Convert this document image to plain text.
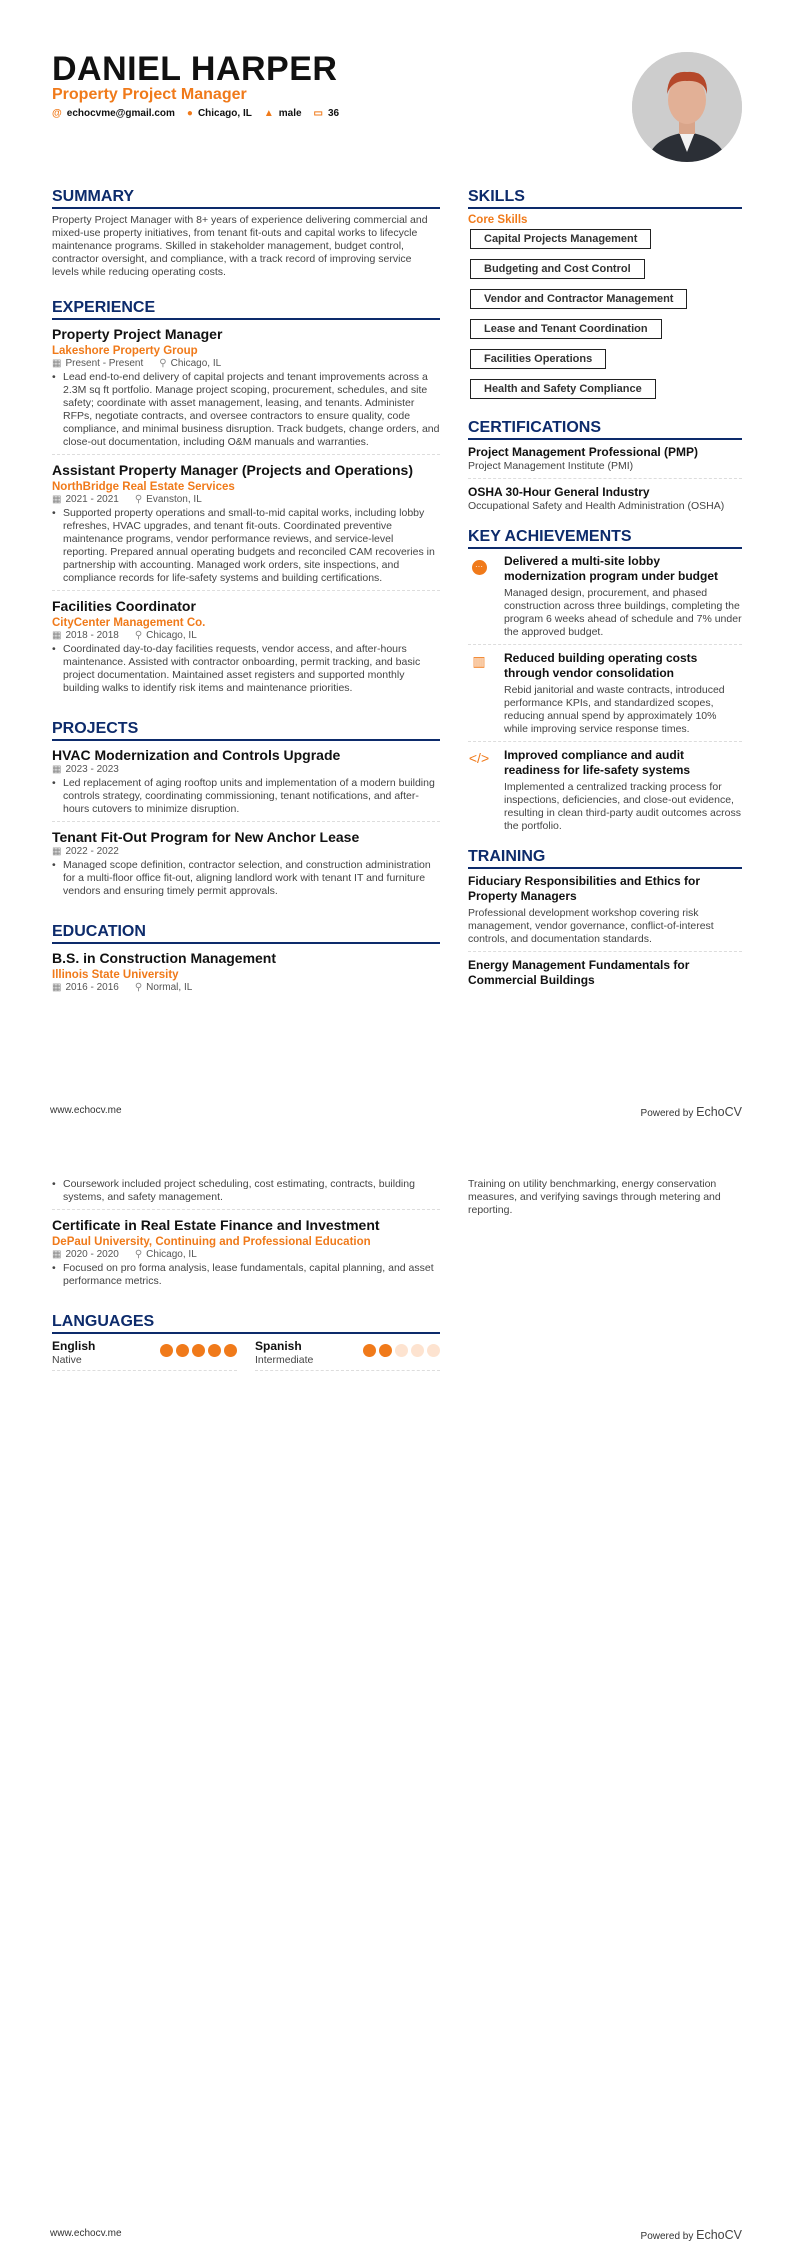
DANIEL HARPER
Property Project Manager
@ echocvme@gmail.com ● Chicago, IL ▲ male ▭ 36
SUMMARY
Property Project Manager with 8+ years of experience delivering commercial and mixed-use property initiatives, from tenant fit-outs and capital works to lifecycle maintenance programs. Skilled in stakeholder management, budget control, contractor oversight, and compliance, with a track record of improving service levels while reducing operating costs.
EXPERIENCE
Property Project Manager
Lakeshore Property Group
▦ Present - Present ⚲ Chicago, IL
• Lead end-to-end delivery of capital projects and tenant improvements across a 2.3M sq ft portfolio. Manage project scoping, procurement, schedules, and site safety; coordinate with asset management, leasing, and tenants. Administer RFPs, negotiate contracts, and oversee contractors to ensure quality, code compliance, and minimal business disruption. Track budgets, change orders, and close-out documentation, including O&M manuals and warranties.
Assistant Property Manager (Projects and Operations)
NorthBridge Real Estate Services
▦ 2021 - 2021 ⚲ Evanston, IL
• Supported property operations and small-to-mid capital works, including lobby refreshes, HVAC upgrades, and tenant fit-outs. Coordinated preventive maintenance programs, vendor performance reviews, and service-level reporting. Prepared annual operating budgets and reconciled CAM recoveries in partnership with accounting. Managed work orders, site inspections, and compliance records for life-safety systems and building certifications.
Facilities Coordinator
CityCenter Management Co.
▦ 2018 - 2018 ⚲ Chicago, IL
• Coordinated day-to-day facilities requests, vendor access, and after-hours maintenance. Assisted with contractor onboarding, permit tracking, and basic project documentation. Maintained asset registers and supported monthly building walks to identify risk items and maintenance priorities.
PROJECTS
HVAC Modernization and Controls Upgrade
▦ 2023 - 2023
• Led replacement of aging rooftop units and implementation of a modern building controls strategy, coordinating commissioning, tenant notifications, and after-hours cutovers to minimize disruption.
Tenant Fit-Out Program for New Anchor Lease
▦ 2022 - 2022
• Managed scope definition, contractor selection, and construction administration for a multi-floor office fit-out, aligning landlord work with tenant IT and furniture vendors and ensuring timely permit approvals.
EDUCATION
B.S. in Construction Management
Illinois State University
▦ 2016 - 2016 ⚲ Normal, IL
SKILLS
Core Skills
Capital Projects Management
Budgeting and Cost Control
Vendor and Contractor Management
Lease and Tenant Coordination
Facilities Operations
Health and Safety Compliance
CERTIFICATIONS
Project Management Professional (PMP)
Project Management Institute (PMI)
OSHA 30-Hour General Industry
Occupational Safety and Health Administration (OSHA)
KEY ACHIEVEMENTS
···	Delivered a multi-site lobby modernization program under budget
Managed design, procurement, and phased construction across three buildings, completing the program 6 weeks ahead of schedule and 7% under the approved budget.
▥	Reduced building operating costs through vendor consolidation
Rebid janitorial and waste contracts, introduced performance KPIs, and standardized scopes, reducing annual spend by approximately 10% while improving service response times.
</> Improved compliance and audit readiness for life-safety systems
Implemented a centralized tracking process for inspections, deficiencies, and close-out evidence, resulting in clean third-party audit outcomes across the portfolio.
TRAINING
Fiduciary Responsibilities and Ethics for Property Managers
Professional development workshop covering risk management, vendor governance, conflict-of-interest controls, and documentation standards.
Energy Management Fundamentals for Commercial Buildings
www.echocv.me	Powered by EchoCV
• Coursework included project scheduling, cost estimating, contracts, building systems, and safety management.
Certificate in Real Estate Finance and Investment
DePaul University, Continuing and Professional Education
▦ 2020 - 2020 ⚲ Chicago, IL
• Focused on pro forma analysis, lease fundamentals, capital planning, and asset performance metrics.
LANGUAGES
English
Native
Spanish
Intermediate
Training on utility benchmarking, energy conservation measures, and verifying savings through metering and reporting.
www.echocv.me	Powered by EchoCV
